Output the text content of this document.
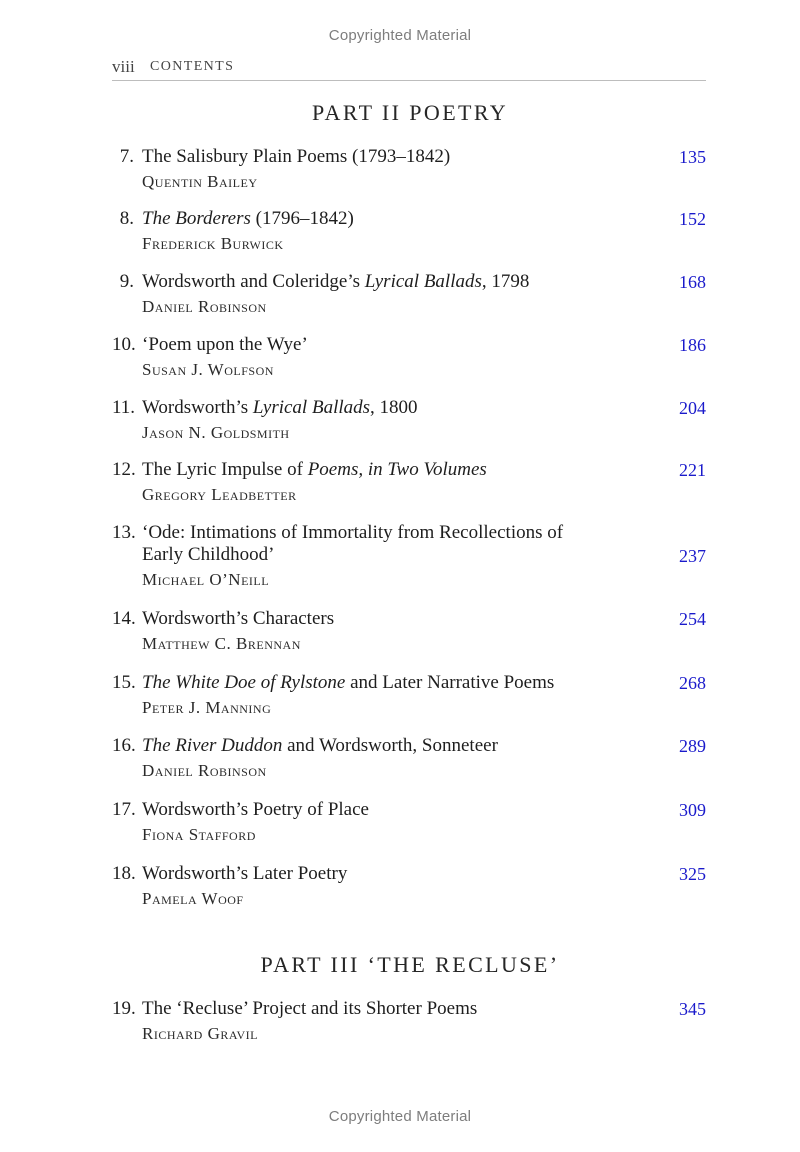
Copyrighted Material
viii CONTENTS
PART II POETRY
7. The Salisbury Plain Poems (1793–1842)
Quentin Bailey
135
8. The Borderers (1796–1842)
Frederick Burwick
152
9. Wordsworth and Coleridge’s Lyrical Ballads, 1798
Daniel Robinson
168
10. ‘Poem upon the Wye’
Susan J. Wolfson
186
11. Wordsworth’s Lyrical Ballads, 1800
Jason N. Goldsmith
204
12. The Lyric Impulse of Poems, in Two Volumes
Gregory Leadbetter
221
13. ‘Ode: Intimations of Immortality from Recollections of
Early Childhood’
Michael O’Neill
237
14. Wordsworth’s Characters
Matthew C. Brennan
254
15. The White Doe of Rylstone and Later Narrative Poems
Peter J. Manning
268
16. The River Duddon and Wordsworth, Sonneteer
Daniel Robinson
289
17. Wordsworth’s Poetry of Place
Fiona Stafford
309
18. Wordsworth’s Later Poetry
Pamela Woof
325
PART III ‘THE RECLUSE’
19. The ‘Recluse’ Project and its Shorter Poems
Richard Gravil
345
Copyrighted Material
